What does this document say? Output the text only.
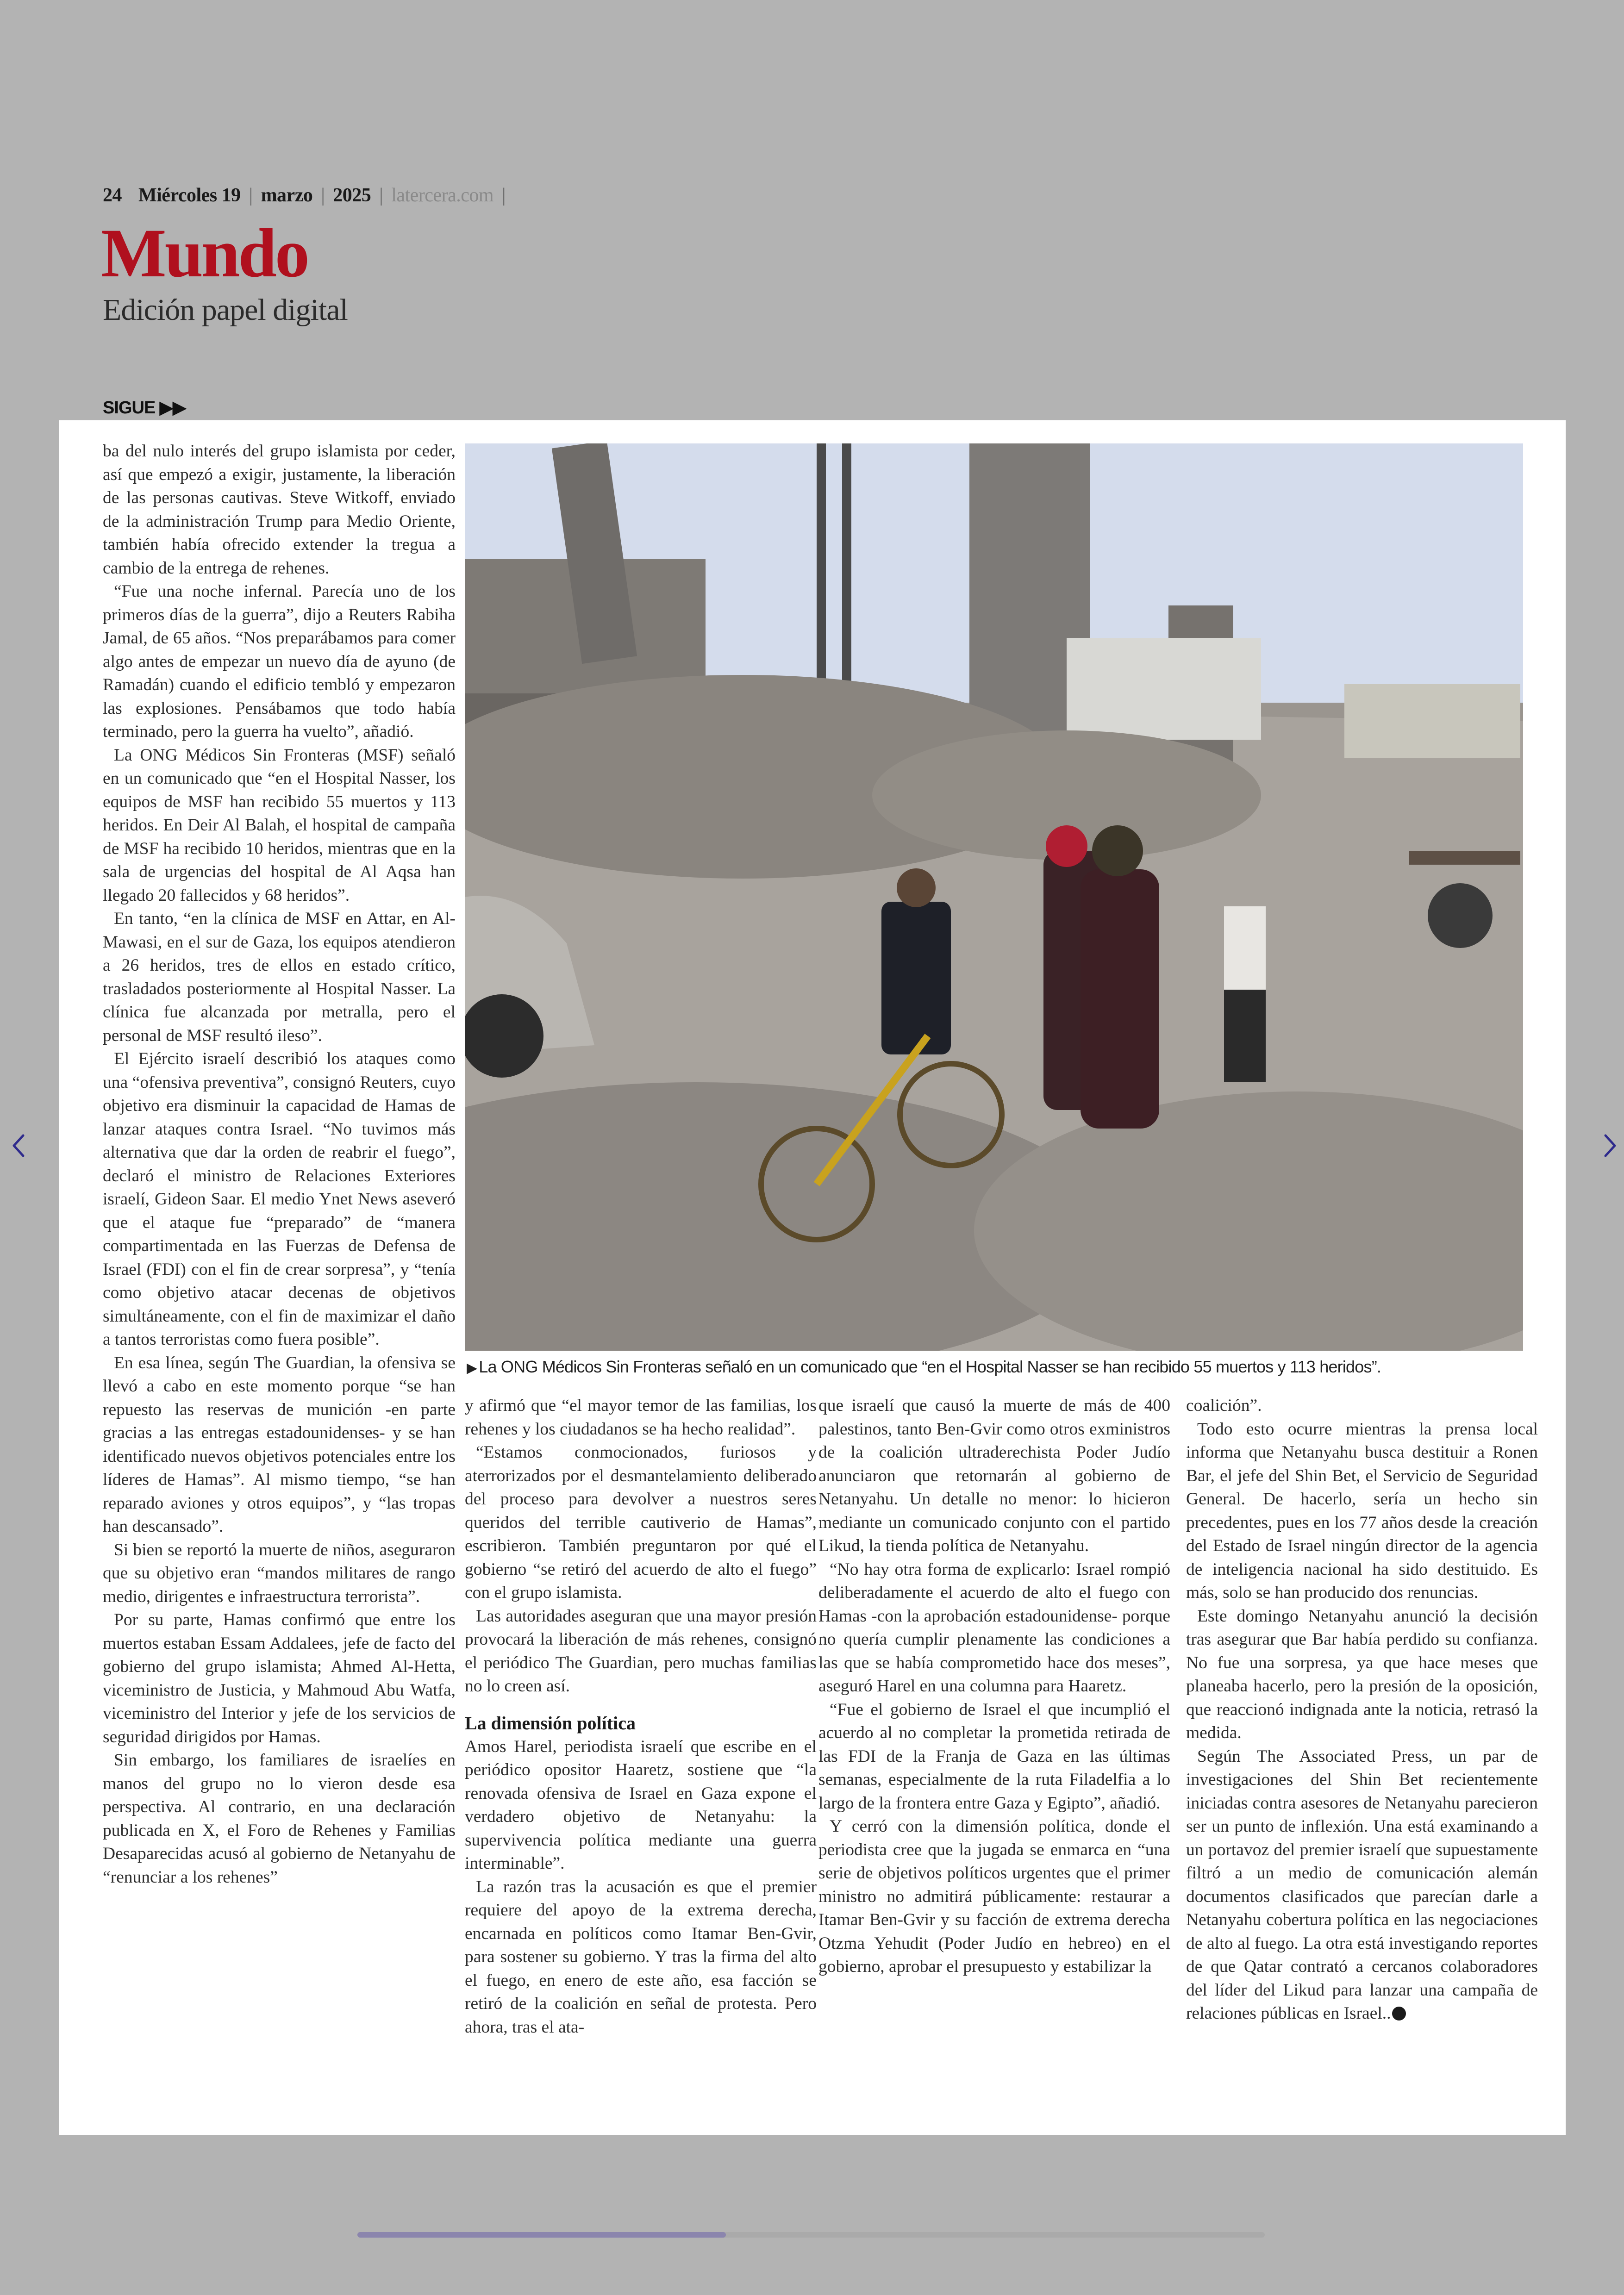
24 Miércoles 19 | marzo | 2025 | latercera.com |
Mundo
Edición papel digital
SIGUE ▶▶

ba del nulo interés del grupo islamista por ceder, así que empezó a exigir, justamente, la liberación de las personas cautivas. Steve Witkoff, enviado de la administración Trump para Medio Oriente, también había ofrecido extender la tregua a cambio de la entrega de rehenes.

“Fue una noche infernal. Parecía uno de los primeros días de la guerra”, dijo a Reuters Rabiha Jamal, de 65 años. “Nos preparábamos para comer algo antes de empezar un nuevo día de ayuno (de Ramadán) cuando el edificio tembló y empezaron las explosiones. Pensábamos que todo había terminado, pero la guerra ha vuelto”, añadió.

La ONG Médicos Sin Fronteras (MSF) señaló en un comunicado que “en el Hospital Nasser, los equipos de MSF han recibido 55 muertos y 113 heridos. En Deir Al Balah, el hospital de campaña de MSF ha recibido 10 heridos, mientras que en la sala de urgencias del hospital de Al Aqsa han llegado 20 fallecidos y 68 heridos”.

En tanto, “en la clínica de MSF en Attar, en Al-Mawasi, en el sur de Gaza, los equipos atendieron a 26 heridos, tres de ellos en estado crítico, trasladados posteriormente al Hospital Nasser. La clínica fue alcanzada por metralla, pero el personal de MSF resultó ileso”.

El Ejército israelí describió los ataques como una “ofensiva preventiva”, consignó Reuters, cuyo objetivo era disminuir la capacidad de Hamas de lanzar ataques contra Israel. “No tuvimos más alternativa que dar la orden de reabrir el fuego”, declaró el ministro de Relaciones Exteriores israelí, Gideon Saar. El medio Ynet News aseveró que el ataque fue “preparado” de “manera compartimentada en las Fuerzas de Defensa de Israel (FDI) con el fin de crear sorpresa”, y “tenía como objetivo atacar decenas de objetivos simultáneamente, con el fin de maximizar el daño a tantos terroristas como fuera posible”.

En esa línea, según The Guardian, la ofensiva se llevó a cabo en este momento porque “se han repuesto las reservas de munición -en parte gracias a las entregas estadounidenses- y se han identificado nuevos objetivos potenciales entre los líderes de Hamas”. Al mismo tiempo, “se han reparado aviones y otros equipos”, y “las tropas han descansado”.

Si bien se reportó la muerte de niños, aseguraron que su objetivo eran “mandos militares de rango medio, dirigentes e infraestructura terrorista”.

Por su parte, Hamas confirmó que entre los muertos estaban Essam Addalees, jefe de facto del gobierno del grupo islamista; Ahmed Al-Hetta, viceministro de Justicia, y Mahmoud Abu Watfa, viceministro del Interior y jefe de los servicios de seguridad dirigidos por Hamas.

Sin embargo, los familiares de israelíes en manos del grupo no lo vieron desde esa perspectiva. Al contrario, en una declaración publicada en X, el Foro de Rehenes y Familias Desaparecidas acusó al gobierno de Netanyahu de “renunciar a los rehenes”

▶ La ONG Médicos Sin Fronteras señaló en un comunicado que “en el Hospital Nasser se han recibido 55 muertos y 113 heridos”.

y afirmó que “el mayor temor de las familias, los rehenes y los ciudadanos se ha hecho realidad”.

“Estamos conmocionados, furiosos y aterrorizados por el desmantelamiento deliberado del proceso para devolver a nuestros seres queridos del terrible cautiverio de Hamas”, escribieron. También preguntaron por qué el gobierno “se retiró del acuerdo de alto el fuego” con el grupo islamista.

Las autoridades aseguran que una mayor presión provocará la liberación de más rehenes, consignó el periódico The Guardian, pero muchas familias no lo creen así.

La dimensión política

Amos Harel, periodista israelí que escribe en el periódico opositor Haaretz, sostiene que “la renovada ofensiva de Israel en Gaza expone el verdadero objetivo de Netanyahu: la supervivencia política mediante una guerra interminable”.

La razón tras la acusación es que el premier requiere del apoyo de la extrema derecha, encarnada en políticos como Itamar Ben-Gvir, para sostener su gobierno. Y tras la firma del alto el fuego, en enero de este año, esa facción se retiró de la coalición en señal de protesta. Pero ahora, tras el ata-

que israelí que causó la muerte de más de 400 palestinos, tanto Ben-Gvir como otros exministros de la coalición ultraderechista Poder Judío anunciaron que retornarán al gobierno de Netanyahu. Un detalle no menor: lo hicieron mediante un comunicado conjunto con el partido Likud, la tienda política de Netanyahu.

“No hay otra forma de explicarlo: Israel rompió deliberadamente el acuerdo de alto el fuego con Hamas -con la aprobación estadounidense- porque no quería cumplir plenamente las condiciones a las que se había comprometido hace dos meses”, aseguró Harel en una columna para Haaretz.

“Fue el gobierno de Israel el que incumplió el acuerdo al no completar la prometida retirada de las FDI de la Franja de Gaza en las últimas semanas, especialmente de la ruta Filadelfia a lo largo de la frontera entre Gaza y Egipto”, añadió.

Y cerró con la dimensión política, donde el periodista cree que la jugada se enmarca en “una serie de objetivos políticos urgentes que el primer ministro no admitirá públicamente: restaurar a Itamar Ben-Gvir y su facción de extrema derecha Otzma Yehudit (Poder Judío en hebreo) en el gobierno, aprobar el presupuesto y estabilizar la

coalición”.

Todo esto ocurre mientras la prensa local informa que Netanyahu busca destituir a Ronen Bar, el jefe del Shin Bet, el Servicio de Seguridad General. De hacerlo, sería un hecho sin precedentes, pues en los 77 años desde la creación del Estado de Israel ningún director de la agencia de inteligencia nacional ha sido destituido. Es más, solo se han producido dos renuncias.

Este domingo Netanyahu anunció la decisión tras asegurar que Bar había perdido su confianza. No fue una sorpresa, ya que hace meses que planeaba hacerlo, pero la presión de la oposición, que reaccionó indignada ante la noticia, retrasó la medida.

Según The Associated Press, un par de investigaciones del Shin Bet recientemente iniciadas contra asesores de Netanyahu parecieron ser un punto de inflexión. Una está examinando a un portavoz del premier israelí que supuestamente filtró a un medio de comunicación alemán documentos clasificados que parecían darle a Netanyahu cobertura política en las negociaciones de alto al fuego. La otra está investigando reportes de que Qatar contrató a cercanos colaboradores del líder del Likud para lanzar una campaña de relaciones públicas en Israel..
